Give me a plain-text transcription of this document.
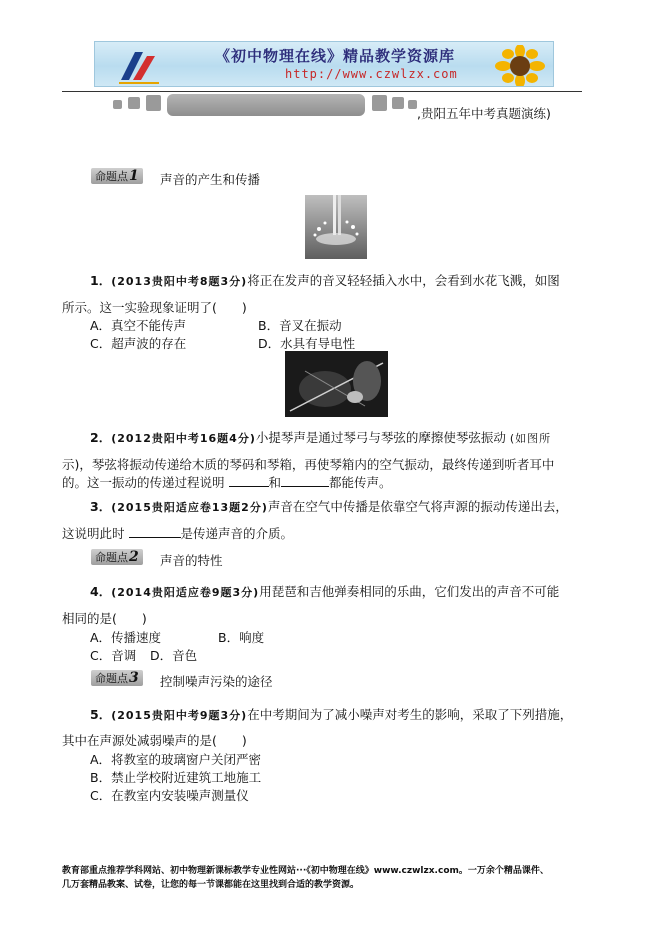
《初中物理在线》精品教学资源库
http://www.czwlzx.com
,贵阳五年中考真题演练)
命题点1	声音的产生和传播
1．(2013贵阳中考8题3分)将正在发声的音叉轻轻插入水中，会看到水花飞溅，如图
所示。这一实验现象证明了(　　)
A．真空不能传声	B．音叉在振动
C．超声波的存在	D．水具有导电性
2．(2012贵阳中考16题4分)小提琴声是通过琴弓与琴弦的摩擦使琴弦振动 (如图所
示)，琴弦将振动传递给木质的琴码和琴箱，再使琴箱内的空气振动，最终传递到听者耳中
的。这一振动的传递过程说明	和	都能传声。
3．(2015贵阳适应卷13题2分)声音在空气中传播是依靠空气将声源的振动传递出去，
这说明此时	是传递声音的介质。
命题点2	声音的特性
4．(2014贵阳适应卷9题3分)用琵琶和吉他弹奏相同的乐曲，它们发出的声音不可能
相同的是(　　)
A．传播速度	B．响度
C．音调 D．音色
命题点3	控制噪声污染的途径
5．(2015贵阳中考9题3分)在中考期间为了减小噪声对考生的影响，采取了下列措施，
其中在声源处减弱噪声的是(　　)
A．将教室的玻璃窗户关闭严密
B．禁止学校附近建筑工地施工
C．在教室内安装噪声测量仪
教育部重点推荐学科网站、初中物理新课标教学专业性网站···《初中物理在线》www.czwlzx.com。一万余个精品课件、
几万套精品教案、试卷，让您的每一节课都能在这里找到合适的教学资源。
